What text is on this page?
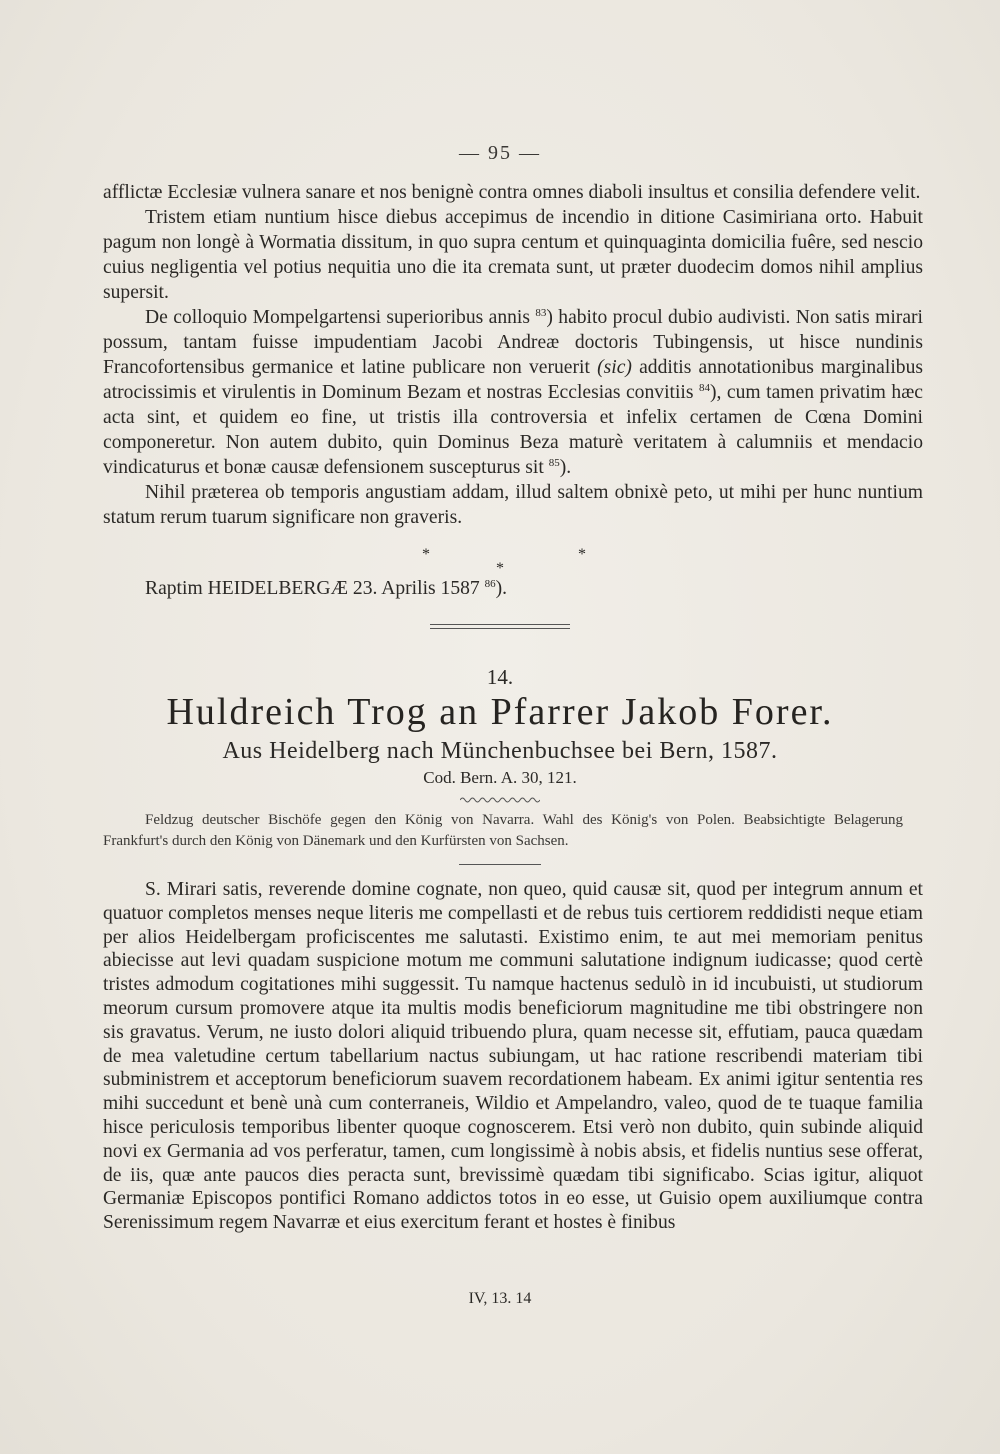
— 95 —

afflictæ Ecclesiæ vulnera sanare et nos benignè contra omnes diaboli insultus et consilia defendere velit.

Tristem etiam nuntium hisce diebus accepimus de incendio in ditione Casimiriana orto. Habuit pagum non longè à Wormatia dissitum, in quo supra centum et quinquaginta domicilia fuêre, sed nescio cuius negligentia vel potius nequitia uno die ita cremata sunt, ut præter duodecim domos nihil amplius supersit.

De colloquio Mompelgartensi superioribus annis $^{83}$) habito procul dubio audivisti. Non satis mirari possum, tantam fuisse impudentiam Jacobi Andreæ doctoris Tubingensis, ut hisce nundinis Francofortensibus germanice et latine publicare non veruerit (sic) additis annotationibus marginalibus atrocissimis et virulentis in Dominum Bezam et nostras Ecclesias convitiis $^{84}$), cum tamen privatim hæc acta sint, et quidem eo fine, ut tristis illa controversia et infelix certamen de Cœna Domini componeretur. Non autem dubito, quin Dominus Beza maturè veritatem à calumniis et mendacio vindicaturus et bonæ causæ defensionem suscepturus sit $^{85}$).

Nihil præterea ob temporis angustiam addam, illud saltem obnixè peto, ut mihi per hunc nuntium statum rerum tuarum significare non graveris.

*
*
*
Raptim HEIDELBERGÆ 23. Aprilis 1587 $^{86}$).
14.
Huldreich Trog an Pfarrer Jakob Forer.
Aus Heidelberg nach Münchenbuchsee bei Bern, 1587.
Cod. Bern. A. 30, 121.

Feldzug deutscher Bischöfe gegen den König von Navarra. Wahl des König's von Polen. Beabsichtigte Belagerung Frankfurt's durch den König von Dänemark und den Kurfürsten von Sachsen.

S. Mirari satis, reverende domine cognate, non queo, quid causæ sit, quod per integrum annum et quatuor completos menses neque literis me compellasti et de rebus tuis certiorem reddidisti neque etiam per alios Heidelbergam proficiscentes me salutasti. Existimo enim, te aut mei memoriam penitus abiecisse aut levi quadam suspicione motum me communi salutatione indignum iudicasse; quod certè tristes admodum cogitationes mihi suggessit. Tu namque hactenus sedulò in id incubuisti, ut studiorum meorum cursum promovere atque ita multis modis beneficiorum magnitudine me tibi obstringere non sis gravatus. Verum, ne iusto dolori aliquid tribuendo plura, quam necesse sit, effutiam, pauca quædam de mea valetudine certum tabellarium nactus subiungam, ut hac ratione rescribendi materiam tibi subministrem et acceptorum beneficiorum suavem recordationem habeam. Ex animi igitur sententia res mihi succedunt et benè unà cum conterraneis, Wildio et Ampelandro, valeo, quod de te tuaque familia hisce periculosis temporibus libenter quoque cognoscerem. Etsi verò non dubito, quin subinde aliquid novi ex Germania ad vos perferatur, tamen, cum longissimè à nobis absis, et fidelis nuntius sese offerat, de iis, quæ ante paucos dies peracta sunt, brevissimè quædam tibi significabo. Scias igitur, aliquot Germaniæ Episcopos pontifici Romano addictos totos in eo esse, ut Guisio opem auxiliumque contra Serenissimum regem Navarræ et eius exercitum ferant et hostes è finibus

IV, 13. 14
